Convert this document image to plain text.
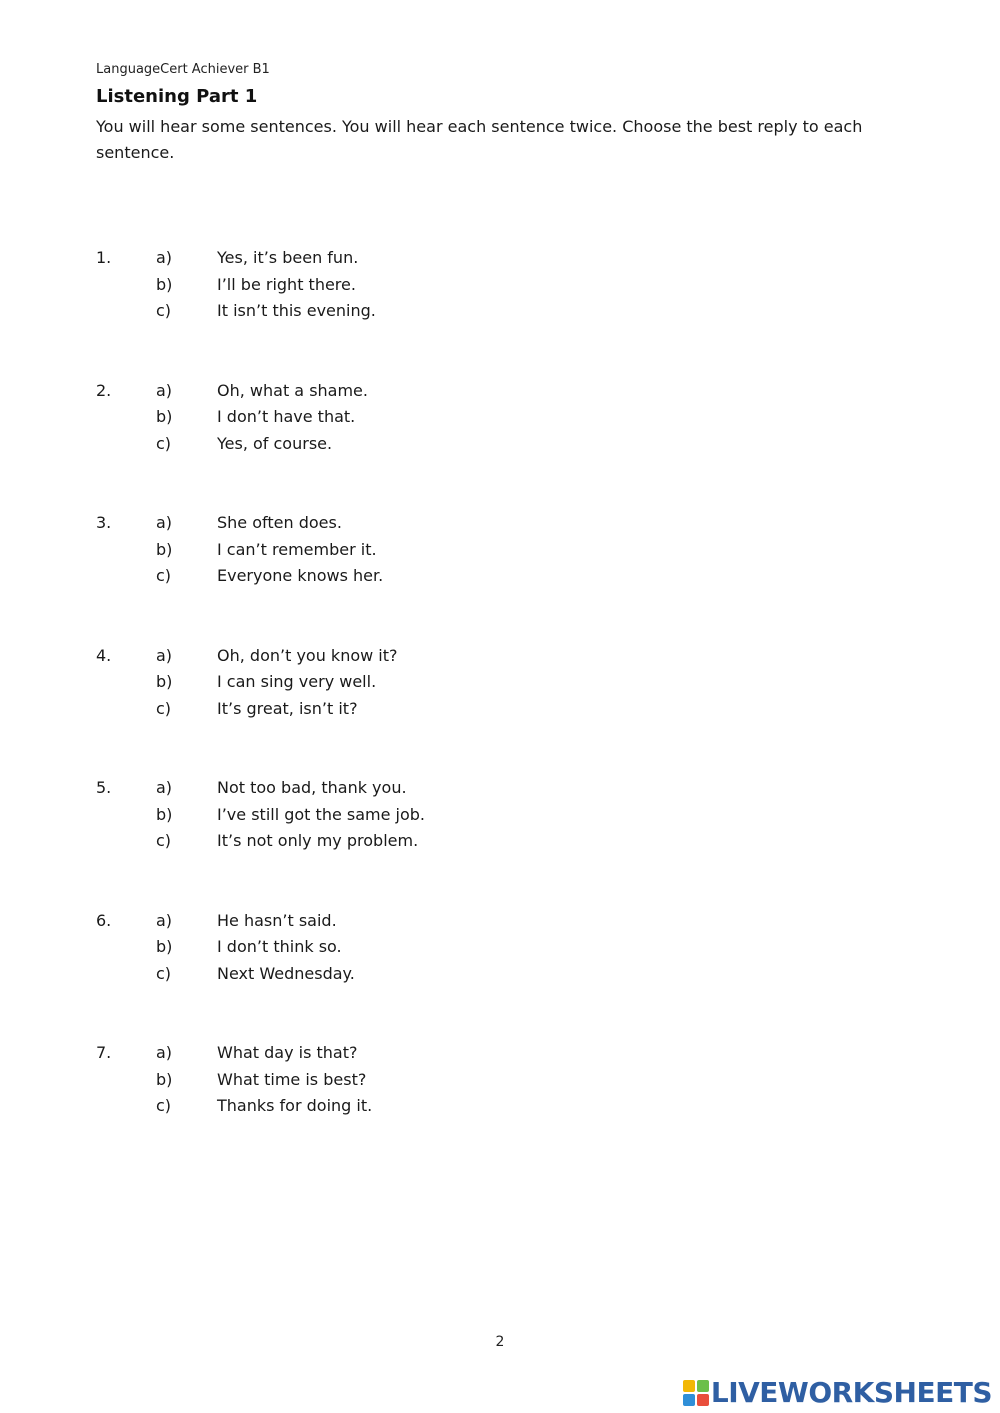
LanguageCert Achiever B1
Listening Part 1
You will hear some sentences. You will hear each sentence twice. Choose the best reply to each sentence.
1.	a)	Yes, it’s been fun.
b)	I’ll be right there.
c)	It isn’t this evening.
2.	a)	Oh, what a shame.
b)	I don’t have that.
c)	Yes, of course.
3.	a)	She often does.
b)	I can’t remember it.
c)	Everyone knows her.
4.	a)	Oh, don’t you know it?
b)	I can sing very well.
c)	It’s great, isn’t it?
5.	a)	Not too bad, thank you.
b)	I’ve still got the same job.
c)	It’s not only my problem.
6.	a)	He hasn’t said.
b)	I don’t think so.
c)	Next Wednesday.
7.	a)	What day is that?
b)	What time is best?
c)	Thanks for doing it.
2
LIVEWORKSHEETS
